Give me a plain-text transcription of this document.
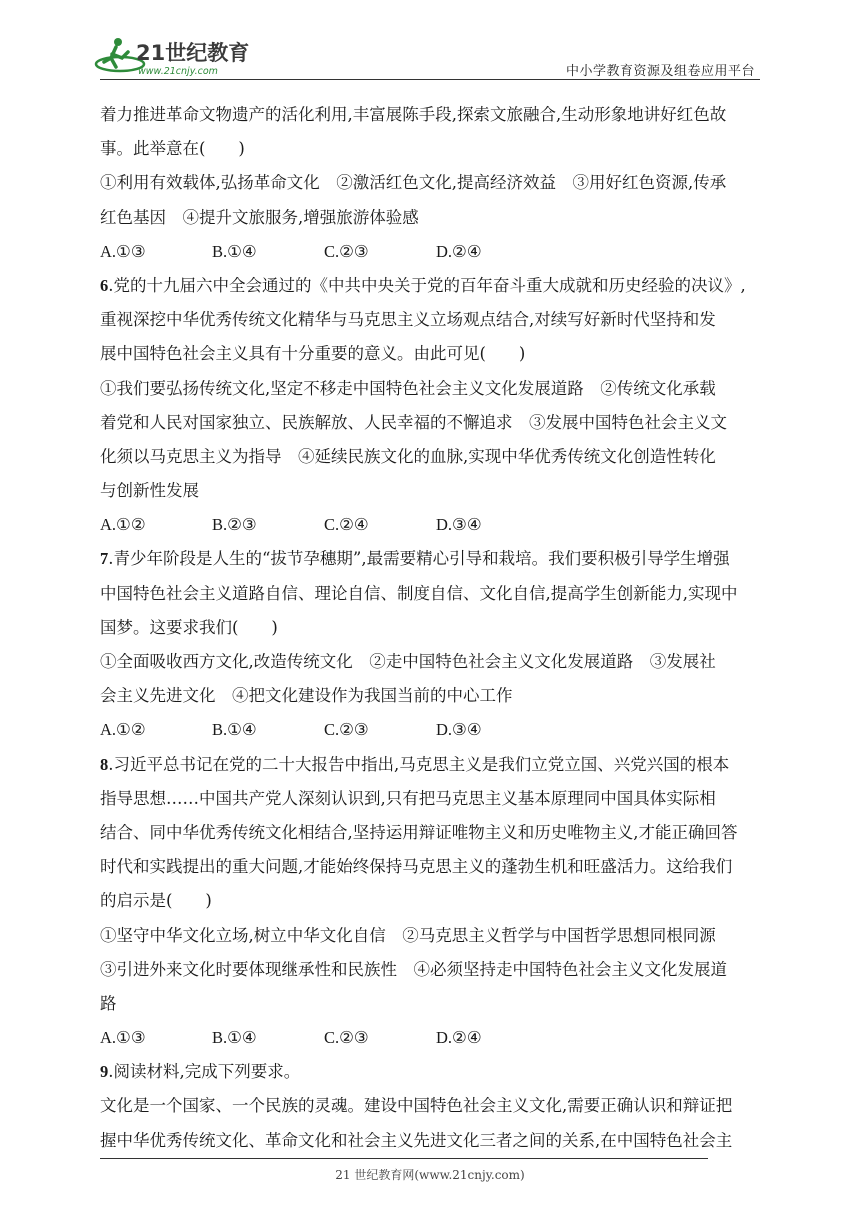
21世纪教育
www.21cnjy.com	中小学教育资源及组卷应用平台
着力推进革命文物遗产的活化利用,丰富展陈手段,探索文旅融合,生动形象地讲好红色故
事。此举意在(　　)
①利用有效载体,弘扬革命文化　②激活红色文化,提高经济效益　③用好红色资源,传承
红色基因　④提升文旅服务,增强旅游体验感
A.①③	B.①④	C.②③	D.②④
6.党的十九届六中全会通过的《中共中央关于党的百年奋斗重大成就和历史经验的决议》,
重视深挖中华优秀传统文化精华与马克思主义立场观点结合,对续写好新时代坚持和发
展中国特色社会主义具有十分重要的意义。由此可见(　　)
①我们要弘扬传统文化,坚定不移走中国特色社会主义文化发展道路　②传统文化承载
着党和人民对国家独立、民族解放、人民幸福的不懈追求　③发展中国特色社会主义文
化须以马克思主义为指导　④延续民族文化的血脉,实现中华优秀传统文化创造性转化
与创新性发展
A.①②	B.②③	C.②④	D.③④
7.青少年阶段是人生的“拔节孕穗期”,最需要精心引导和栽培。我们要积极引导学生增强
中国特色社会主义道路自信、理论自信、制度自信、文化自信,提高学生创新能力,实现中
国梦。这要求我们(　　)
①全面吸收西方文化,改造传统文化　②走中国特色社会主义文化发展道路　③发展社
会主义先进文化　④把文化建设作为我国当前的中心工作
A.①②	B.①④	C.②③	D.③④
8.习近平总书记在党的二十大报告中指出,马克思主义是我们立党立国、兴党兴国的根本
指导思想……中国共产党人深刻认识到,只有把马克思主义基本原理同中国具体实际相
结合、同中华优秀传统文化相结合,坚持运用辩证唯物主义和历史唯物主义,才能正确回答
时代和实践提出的重大问题,才能始终保持马克思主义的蓬勃生机和旺盛活力。这给我们
的启示是(　　)
①坚守中华文化立场,树立中华文化自信　②马克思主义哲学与中国哲学思想同根同源
③引进外来文化时要体现继承性和民族性　④必须坚持走中国特色社会主义文化发展道
路
A.①③	B.①④	C.②③	D.②④
9.阅读材料,完成下列要求。
文化是一个国家、一个民族的灵魂。建设中国特色社会主义文化,需要正确认识和辩证把
握中华优秀传统文化、革命文化和社会主义先进文化三者之间的关系,在中国特色社会主
21 世纪教育网(www.21cnjy.com)
